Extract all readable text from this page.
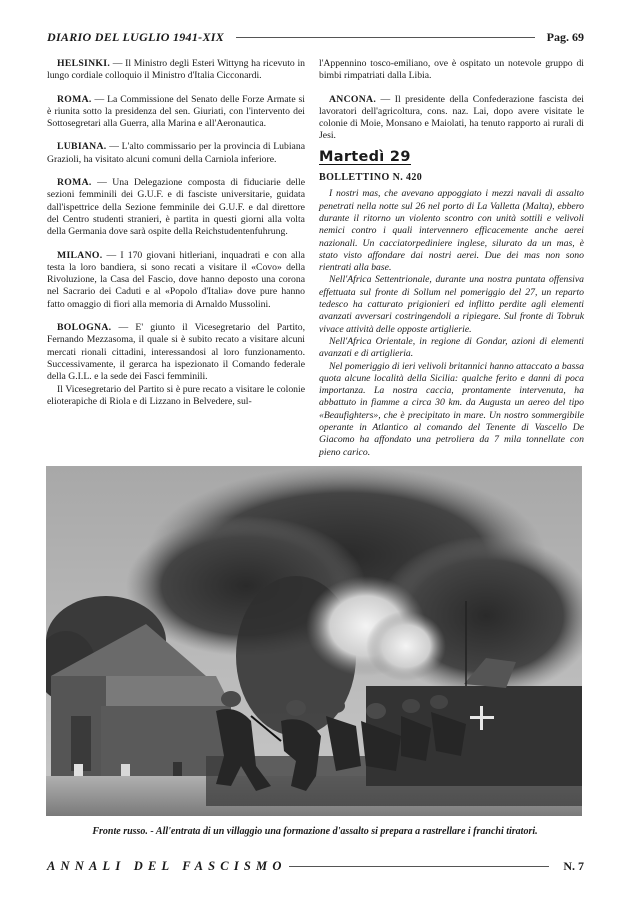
DIARIO DEL LUGLIO 1941-XIX	Pag. 69

HELSINKI. — Il Ministro degli Esteri Wittyng ha ricevuto in lungo cordiale colloquio il Ministro d'Italia Cicconardi.

ROMA. — La Commissione del Senato delle Forze Armate si è riunita sotto la presidenza del sen. Giuriati, con l'intervento dei Sottosegretari alla Guerra, alla Marina e all'Aeronautica.

LUBIANA. — L'alto commissario per la provincia di Lubiana Grazioli, ha visitato alcuni comuni della Carniola inferiore.

ROMA. — Una Delegazione composta di fiduciarie delle sezioni femminili dei G.U.F. e di fasciste universitarie, guidata dall'ispettrice della Sezione femminile dei G.U.F. e dal direttore del Centro studenti stranieri, è partita in questi giorni alla volta della Germania dove sarà ospite della Reichstudentenfuhrung.

MILANO. — I 170 giovani hitleriani, inquadrati e con alla testa la loro bandiera, si sono recati a visitare il «Covo» della Rivoluzione, la Casa del Fascio, dove hanno deposto una corona nel Sacrario dei Caduti e al «Popolo d'Italia» dove pure hanno fatto omaggio di fiori alla memoria di Arnaldo Mussolini.

BOLOGNA. — E' giunto il Vicesegretario del Partito, Fernando Mezzasoma, il quale si è subito recato a visitare alcuni mercati rionali cittadini, interessandosi al loro funzionamento. Successivamente, il gerarca ha ispezionato il Comando federale della G.I.L. e la sede dei Fasci femminili.

Il Vicesegretario del Partito si è pure recato a visitare le colonie elioterapiche di Riola e di Lizzano in Belvedere, sul-

l'Appennino tosco-emiliano, ove è ospitato un notevole gruppo di bimbi rimpatriati dalla Libia.

ANCONA. — Il presidente della Confederazione fascista dei lavoratori dell'agricoltura, cons. naz. Lai, dopo avere visitate le colonie di Moie, Monsano e Maiolati, ha tenuto rapporto ai rurali di Jesi.

Martedì 29
BOLLETTINO N. 420

I nostri mas, che avevano appoggiato i mezzi navali di assalto penetrati nella notte sul 26 nel porto di La Valletta (Malta), ebbero durante il ritorno un violento scontro con unità sottili e velivoli nemici contro i quali intervennero efficacemente anche aerei nazionali. Un cacciatorpediniere inglese, silurato da un mas, è stato visto affondare dai nostri aerei. Due dei mas non sono rientrati alla base.

Nell'Africa Settentrionale, durante una nostra puntata offensiva effettuata sul fronte di Sollum nel pomeriggio del 27, un reparto tedesco ha catturato prigionieri ed inflitto perdite agli elementi avanzati avversari costringendoli a ripiegare. Sul fronte di Tobruk vivace attività delle opposte artiglierie.

Nell'Africa Orientale, in regione di Gondar, azioni di elementi avanzati e di artiglieria.

Nel pomeriggio di ieri velivoli britannici hanno attaccato a bassa quota alcune località della Sicilia: qualche ferito e danni di poca importanza. La nostra caccia, prontamente intervenuta, ha abbattuto in fiamme a circa 30 km. da Augusta un aereo del tipo «Beaufighters», che è precipitato in mare. Un nostro sommergibile operante in Atlantico al comando del Tenente di Vascello De Giacomo ha affondato una petroliera da 7 mila tonnellate con pieno carico.

Fronte russo. - All'entrata di un villaggio una formazione d'assalto si prepara a rastrellare i franchi tiratori.
ANNALI DEL FASCISMO	N. 7
